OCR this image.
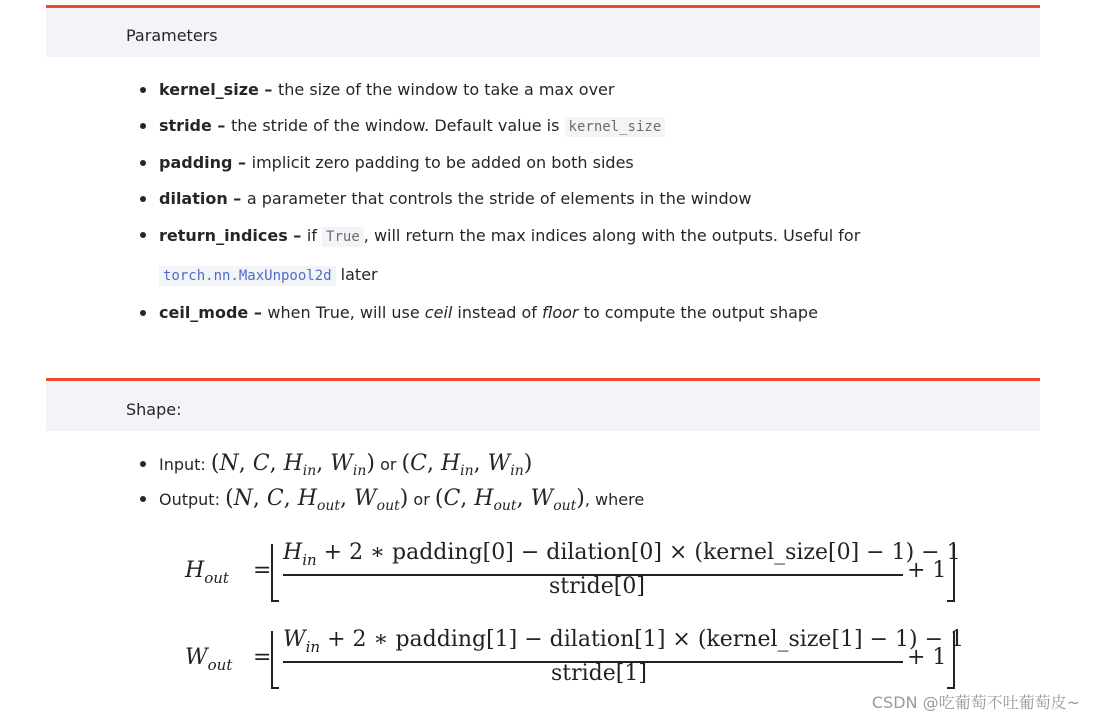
Parameters
kernel_size – the size of the window to take a max over
stride – the stride of the window. Default value is kernel_size
padding – implicit zero padding to be added on both sides
dilation – a parameter that controls the stride of elements in the window
return_indices – if True , will return the max indices along with the outputs. Useful for
torch.nn.MaxUnpool2d later
ceil_mode – when True, will use ceil instead of floor to compute the output shape
Shape:
Input: (N, C, $H_{in}$, $W_{in}$) or (C, $H_{in}$, $W_{in}$)
Output: (N, C, $H_{out}$, $W_{out}$) or (C, $H_{out}$, $W_{out}$), where
$H_{out}$ =
$H_{in} + 2$ ∗ padding[0] − dilation[0] × (kernel_size[0] − 1) − 1
stride[0]
+ 1
$W_{out}$ =
$W_{in} + 2$ ∗ padding[1] − dilation[1] × (kernel_size[1] − 1) − 1
stride[1]
+ 1
CSDN @吃葡萄不吐葡萄皮~
